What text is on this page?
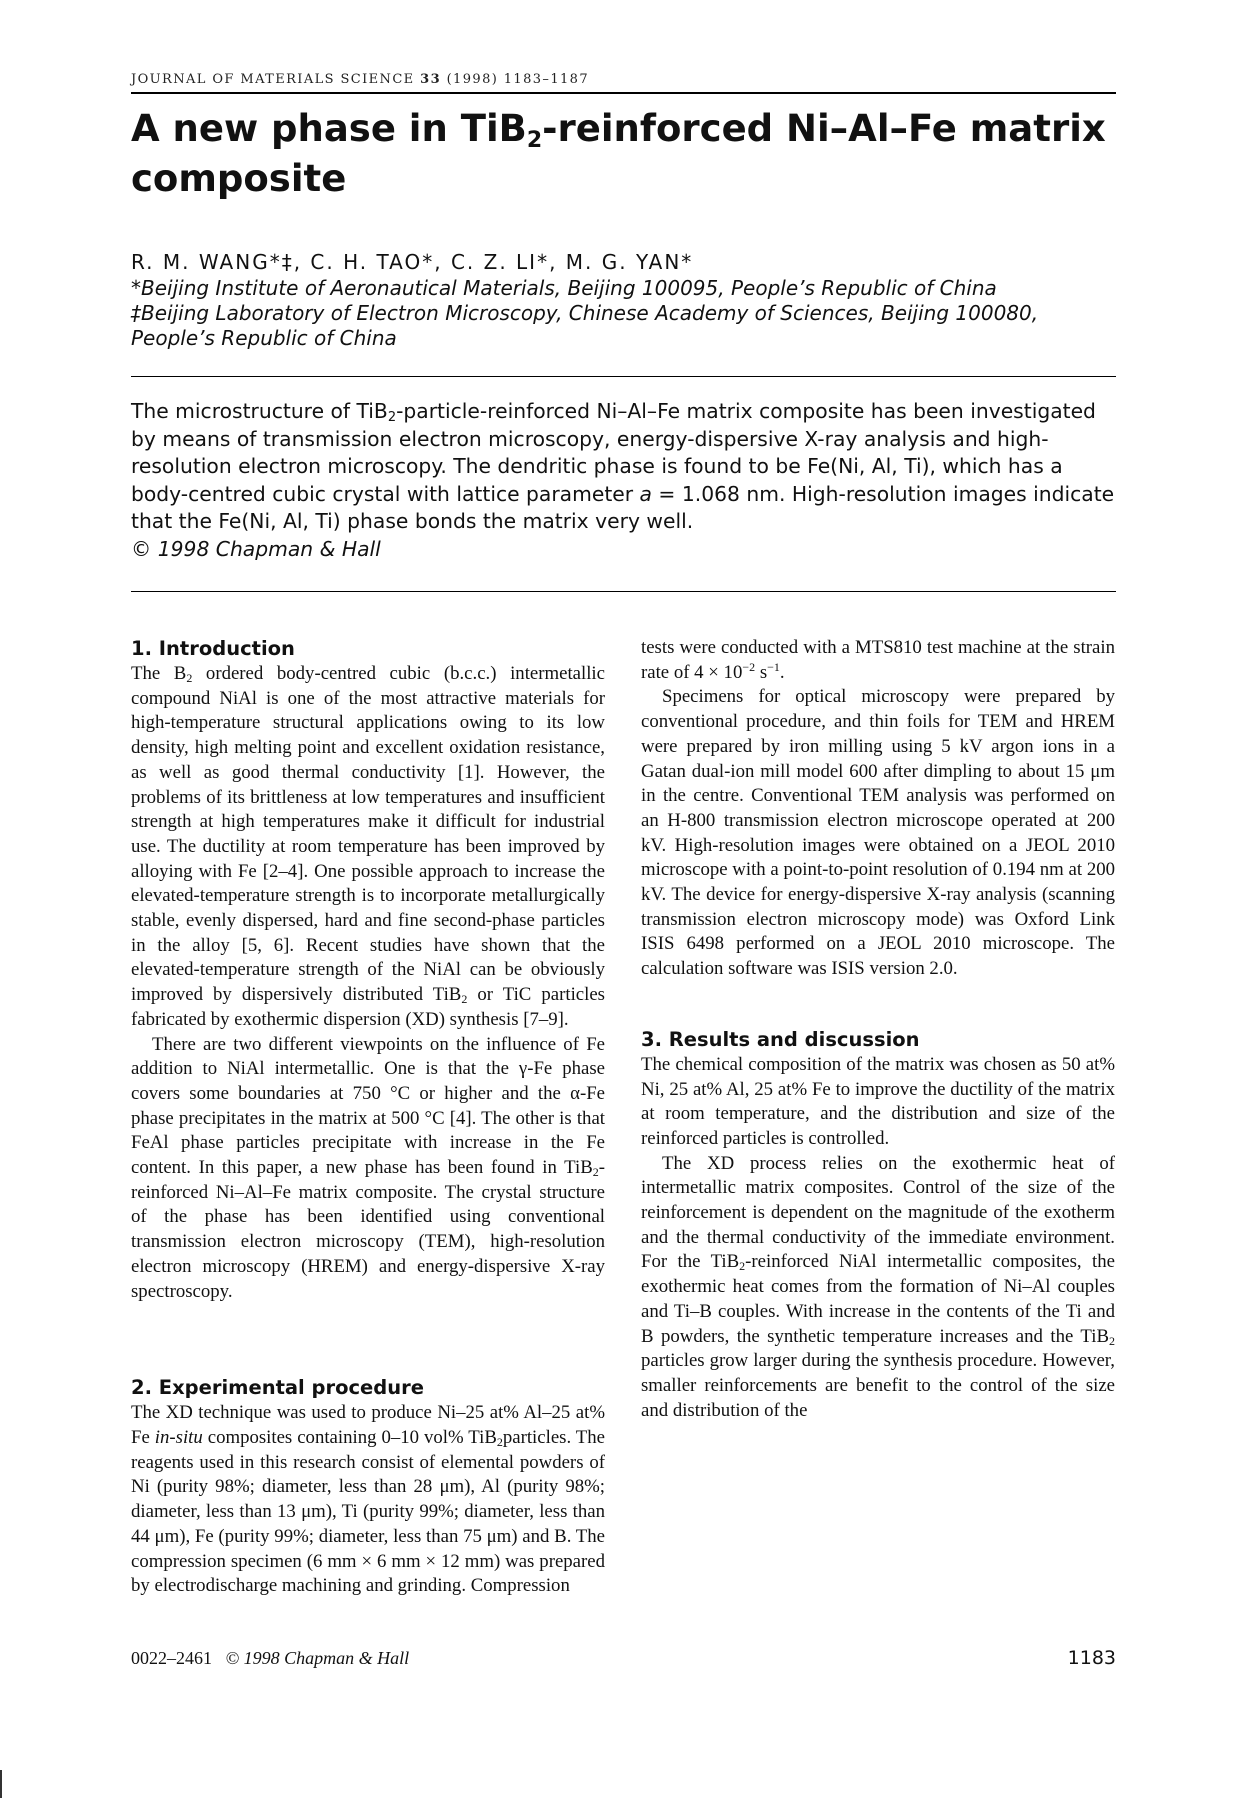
JOURNAL OF MATERIALS SCIENCE 33 (1998) 1183–1187
A new phase in TiB$_2$-reinforced Ni–Al–Fe matrix
composite
R. M. WANG*‡, C. H. TAO*, C. Z. LI*, M. G. YAN*
*Beijing Institute of Aeronautical Materials, Beijing 100095, People’s Republic of China
‡Beijing Laboratory of Electron Microscopy, Chinese Academy of Sciences, Beijing 100080,
People’s Republic of China

The microstructure of TiB$_2$-particle-reinforced Ni–Al–Fe matrix composite has been investigated by means of transmission electron microscopy, energy-dispersive X-ray analysis and high-resolution electron microscopy. The dendritic phase is found to be Fe(Ni, Al, Ti), which has a body-centred cubic crystal with lattice parameter a = 1.068 nm. High-resolution images indicate that the Fe(Ni, Al, Ti) phase bonds the matrix very well.
© 1998 Chapman & Hall

1. Introduction

The $B_2$ ordered body-centred cubic (b.c.c.) intermetallic compound NiAl is one of the most attractive materials for high-temperature structural applications owing to its low density, high melting point and excellent oxidation resistance, as well as good thermal conductivity [1]. However, the problems of its brittleness at low temperatures and insufficient strength at high temperatures make it difficult for industrial use. The ductility at room temperature has been improved by alloying with Fe [2–4]. One possible approach to increase the elevated-temperature strength is to incorporate metallurgically stable, evenly dispersed, hard and fine second-phase particles in the alloy [5, 6]. Recent studies have shown that the elevated-temperature strength of the NiAl can be obviously improved by dispersively distributed TiB$_2$ or TiC particles fabricated by exothermic dispersion (XD) synthesis [7–9].

There are two different viewpoints on the influence of Fe addition to NiAl intermetallic. One is that the γ-Fe phase covers some boundaries at 750 °C or higher and the α-Fe phase precipitates in the matrix at 500 °C [4]. The other is that FeAl phase particles precipitate with increase in the Fe content. In this paper, a new phase has been found in TiB$_2$-reinforced Ni–Al–Fe matrix composite. The crystal structure of the phase has been identified using conventional transmission electron microscopy (TEM), high-resolution electron microscopy (HREM) and energy-dispersive X-ray spectroscopy.

2. Experimental procedure

The XD technique was used to produce Ni–25 at% Al–25 at% Fe in-situ composites containing 0–10 vol% TiB$_2$particles. The reagents used in this research consist of elemental powders of Ni (purity 98%; diameter, less than 28 μm), Al (purity 98%; diameter, less than 13 μm), Ti (purity 99%; diameter, less than 44 μm), Fe (purity 99%; diameter, less than 75 μm) and B. The compression specimen (6 mm × 6 mm × 12 mm) was prepared by electrodischarge machining and grinding. Compression

tests were conducted with a MTS810 test machine at the strain rate of $4 \times 10^{-2}$ $s^{-1}$.

Specimens for optical microscopy were prepared by conventional procedure, and thin foils for TEM and HREM were prepared by iron milling using 5 kV argon ions in a Gatan dual-ion mill model 600 after dimpling to about 15 μm in the centre. Conventional TEM analysis was performed on an H-800 transmission electron microscope operated at 200 kV. High-resolution images were obtained on a JEOL 2010 microscope with a point-to-point resolution of 0.194 nm at 200 kV. The device for energy-dispersive X-ray analysis (scanning transmission electron microscopy mode) was Oxford Link ISIS 6498 performed on a JEOL 2010 microscope. The calculation software was ISIS version 2.0.

3. Results and discussion

The chemical composition of the matrix was chosen as 50 at% Ni, 25 at% Al, 25 at% Fe to improve the ductility of the matrix at room temperature, and the distribution and size of the reinforced particles is controlled.

The XD process relies on the exothermic heat of intermetallic matrix composites. Control of the size of the reinforcement is dependent on the magnitude of the exotherm and the thermal conductivity of the immediate environment. For the TiB$_2$-reinforced NiAl intermetallic composites, the exothermic heat comes from the formation of Ni–Al couples and Ti–B couples. With increase in the contents of the Ti and B powders, the synthetic temperature increases and the TiB$_2$ particles grow larger during the synthesis procedure. However, smaller reinforcements are benefit to the control of the size and distribution of the

0022–2461 © 1998 Chapman & Hall	1183
